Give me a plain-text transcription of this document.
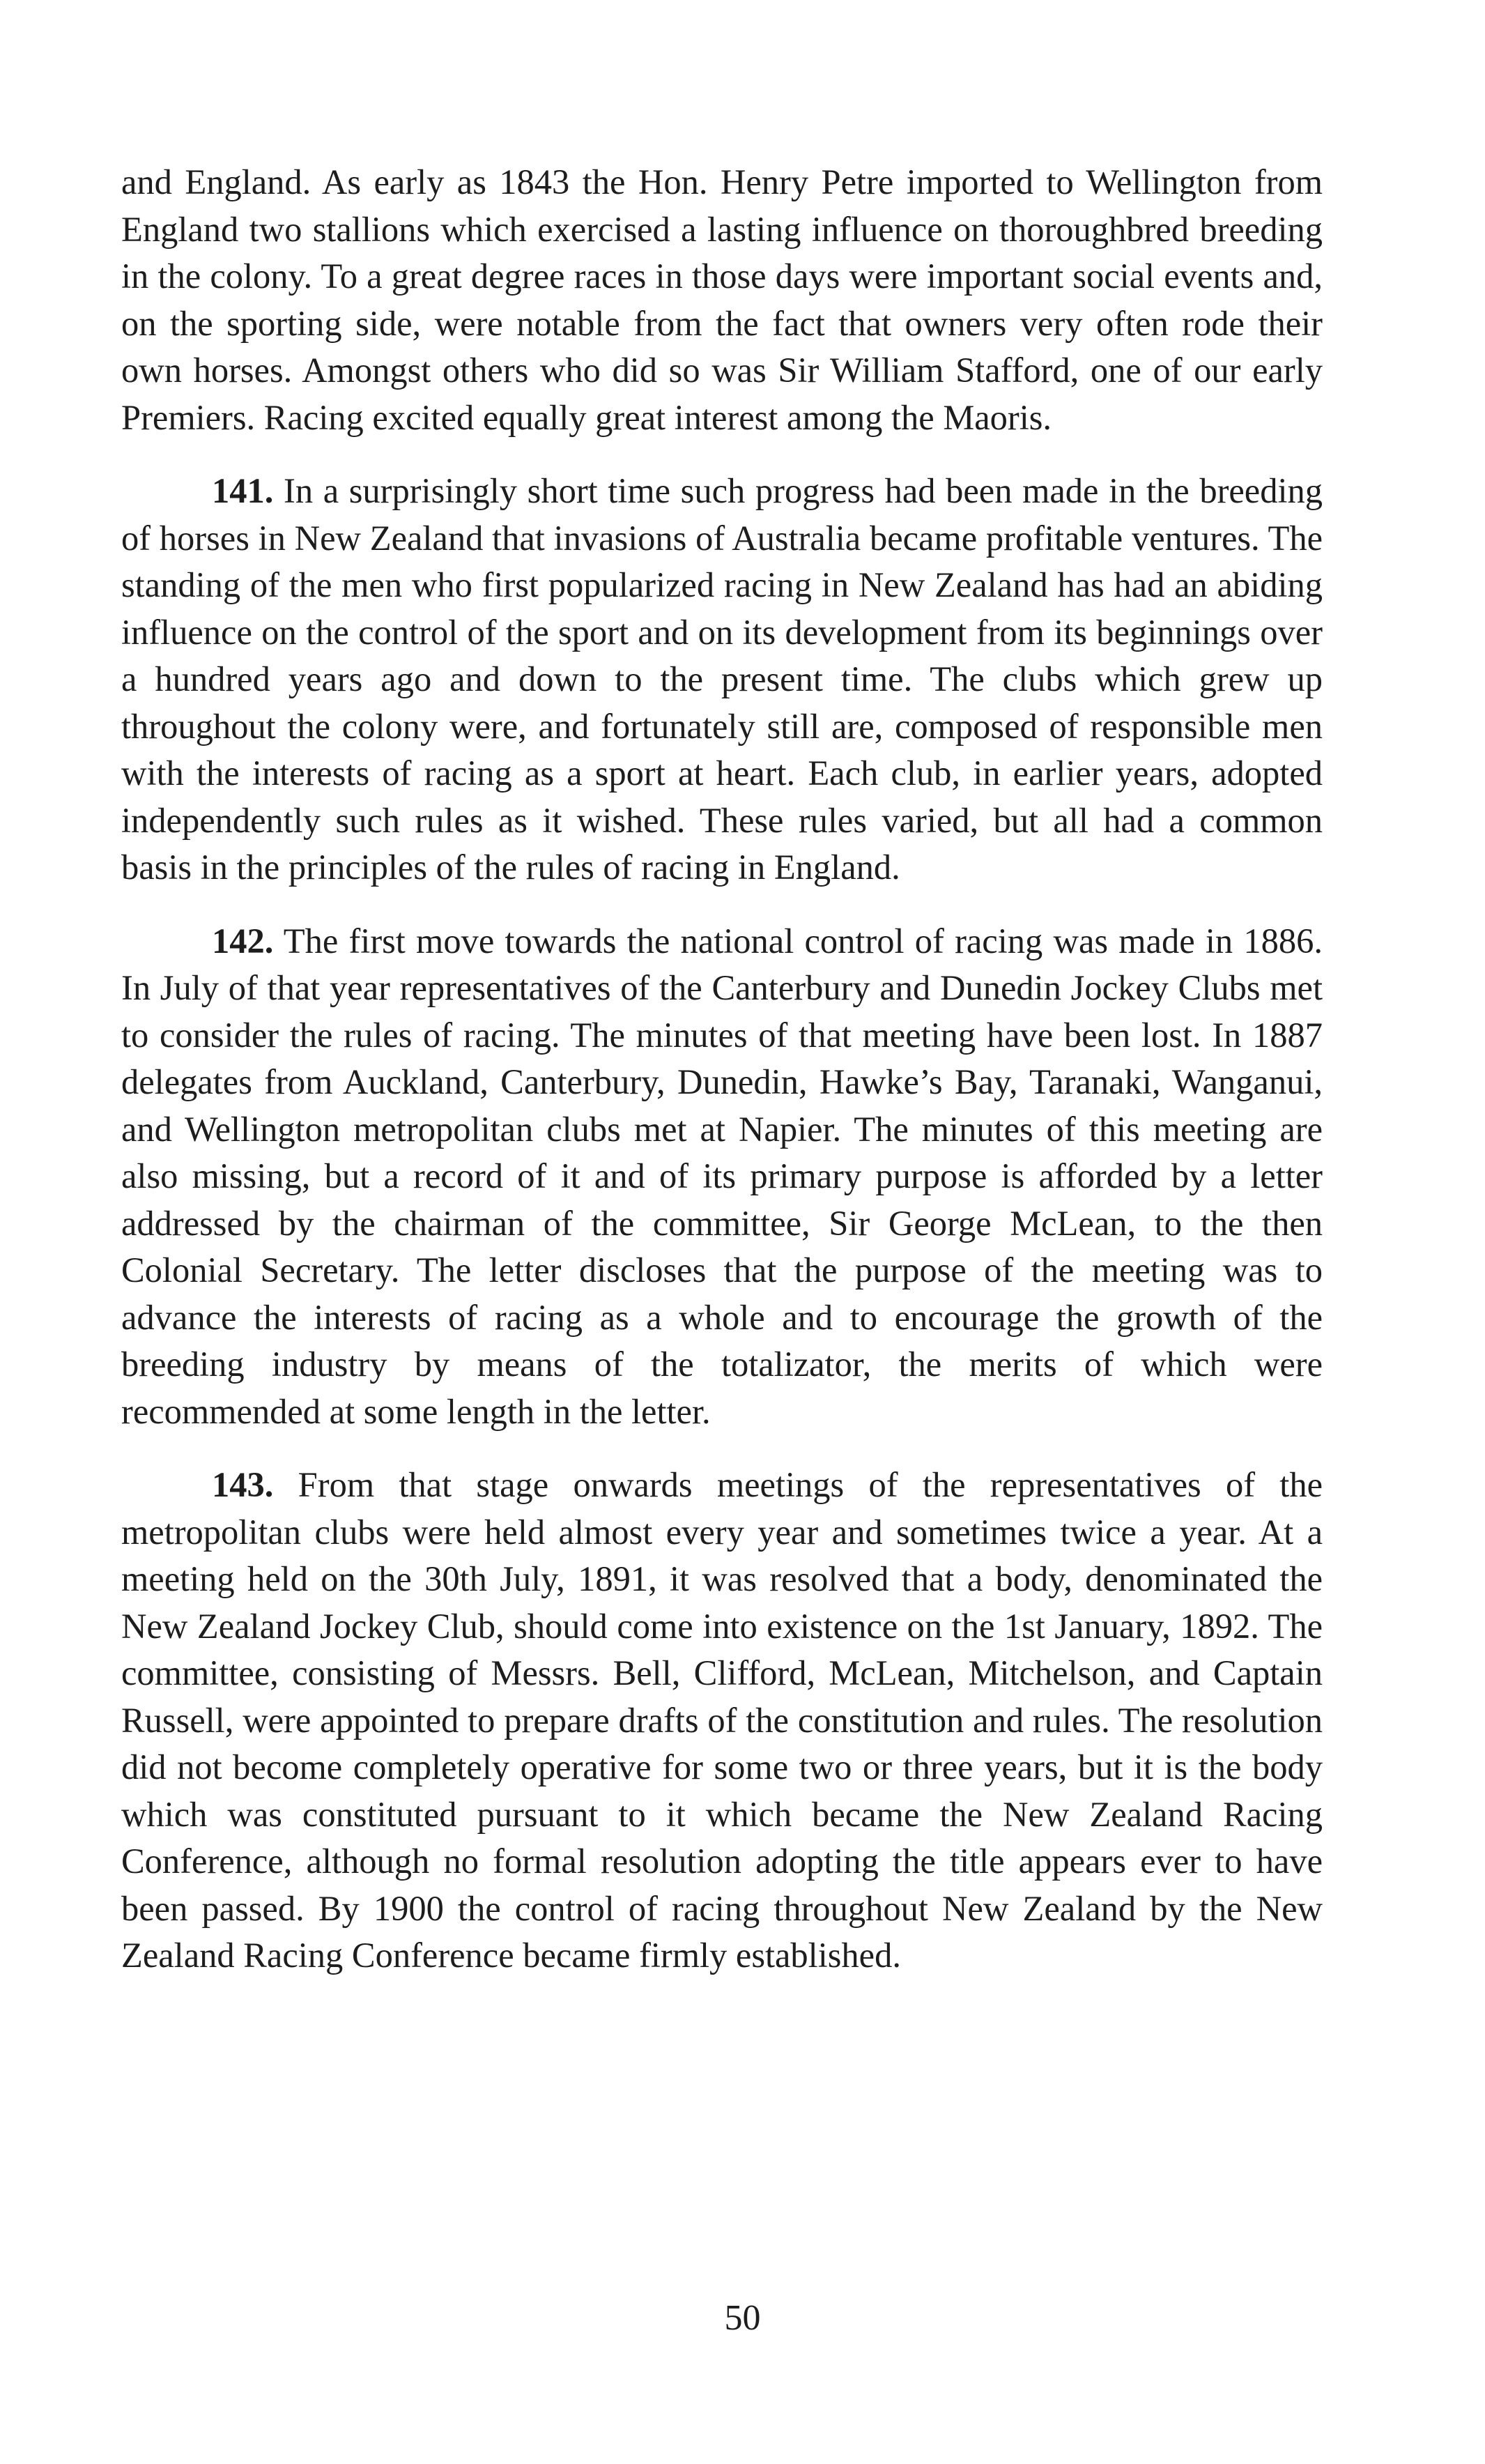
and England. As early as 1843 the Hon. Henry Petre imported to Wellington from England two stallions which exercised a lasting influence on thoroughbred breeding in the colony. To a great degree races in those days were important social events and, on the sporting side, were notable from the fact that owners very often rode their own horses. Amongst others who did so was Sir William Stafford, one of our early Premiers. Racing excited equally great interest among the Maoris.

141. In a surprisingly short time such progress had been made in the breeding of horses in New Zealand that invasions of Australia became profitable ventures. The standing of the men who first popularized racing in New Zealand has had an abiding influence on the control of the sport and on its development from its beginnings over a hundred years ago and down to the present time. The clubs which grew up throughout the colony were, and fortunately still are, composed of responsible men with the interests of racing as a sport at heart. Each club, in earlier years, adopted independently such rules as it wished. These rules varied, but all had a common basis in the principles of the rules of racing in England.

142. The first move towards the national control of racing was made in 1886. In July of that year representatives of the Canterbury and Dunedin Jockey Clubs met to consider the rules of racing. The minutes of that meeting have been lost. In 1887 delegates from Auckland, Canterbury, Dunedin, Hawke’s Bay, Taranaki, Wanganui, and Wellington metropolitan clubs met at Napier. The minutes of this meeting are also missing, but a record of it and of its primary purpose is afforded by a letter addressed by the chairman of the committee, Sir George McLean, to the then Colonial Secretary. The letter discloses that the purpose of the meeting was to advance the interests of racing as a whole and to encourage the growth of the breeding industry by means of the totalizator, the merits of which were recommended at some length in the letter.

143. From that stage onwards meetings of the representatives of the metropolitan clubs were held almost every year and sometimes twice a year. At a meeting held on the 30th July, 1891, it was resolved that a body, denominated the New Zealand Jockey Club, should come into existence on the 1st January, 1892. The committee, consisting of Messrs. Bell, Clifford, McLean, Mitchelson, and Captain Russell, were appointed to prepare drafts of the constitution and rules. The resolution did not become completely operative for some two or three years, but it is the body which was constituted pursuant to it which became the New Zealand Racing Conference, although no formal resolution adopting the title appears ever to have been passed. By 1900 the control of racing throughout New Zealand by the New Zealand Racing Conference became firmly established.

50
